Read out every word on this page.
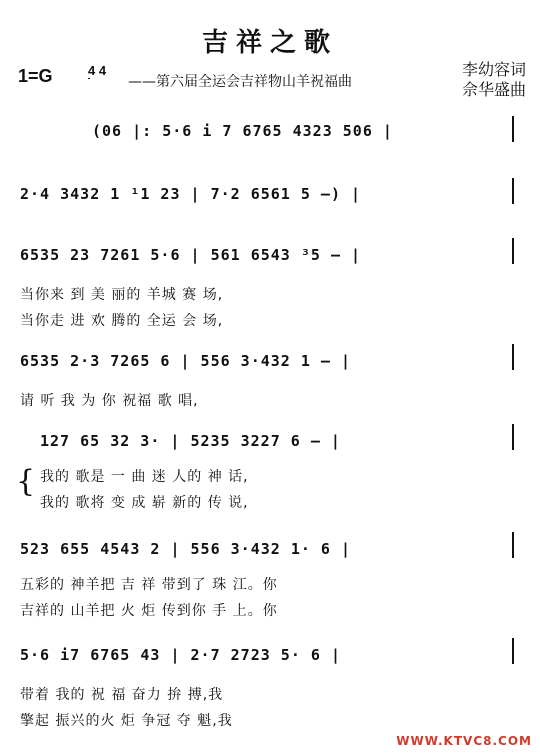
吉祥之歌
1=G	4 4
——第六届全运会吉祥物山羊祝福曲
李幼容词
佘华盛曲
(06 |: 5·6 i 7 6765 4323 506 |
2·4 3432 1 ¹1 23 | 7·2 6561 5 —) |
6535 23 7261 5·6 | 561 6543 ³5 — |
当你来 到 美 丽的 羊城 赛 场,
当你走 进 欢 腾的 全运 会 场,
6535 2·3 7265 6 | 556 3·432 1 — |
请 听 我 为 你 祝福 歌 唱,
127 65 32 3· | 5235 3227 6 — |
{ 我的 歌是 一 曲 迷 人的 神 话,
我的 歌将 变 成 崭 新的 传 说,
523 655 4543 2 | 556 3·432 1· 6 |
五彩的 神羊把 吉 祥 带到了 珠 江。你
吉祥的 山羊把 火 炬 传到你 手 上。你
5·6 i7 6765 43 | 2·7 2723 5· 6 |
带着 我的 祝 福 奋力 拚 搏,我
擎起 振兴的火 炬 争冠 夺 魁,我
WWW.KTVC8.COM
